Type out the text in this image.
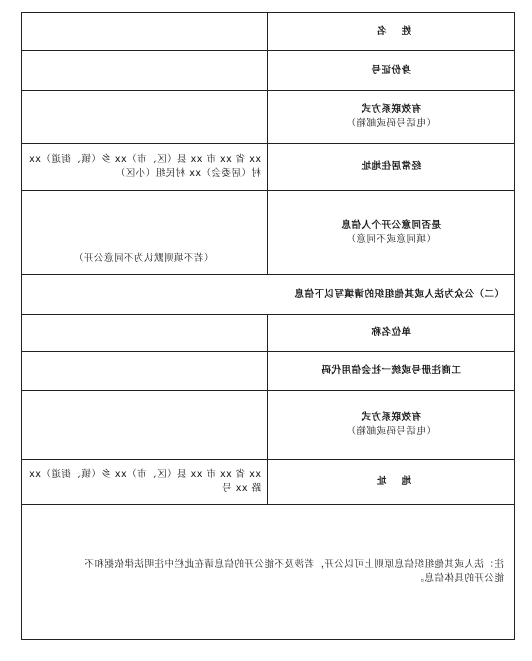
姓 名
身份证号
有效联系方式
（电话号码或邮箱）
经常居住地址
xx 省 xx 市 xx 县（区、市）xx 乡（镇、街道）xx
村（居委会）xx 村民组（小区）
是否同意公开个人信息
（填同意或不同意）
（若不填则默认为不同意公开）
（二）公众为法人或其他组织的请填写以下信息
单位名称
工商注册号或统一社会信用代码
有效联系方式
（电话号码或邮箱）
地 址
xx 省 xx 市 xx 县（区、市）xx 乡（镇、街道）xx
路 xx 号
注：法人或其他组织信息原则上可以公开，若涉及不能公开的信息请在此栏中注明法律依据和不
能公开的具体信息。
